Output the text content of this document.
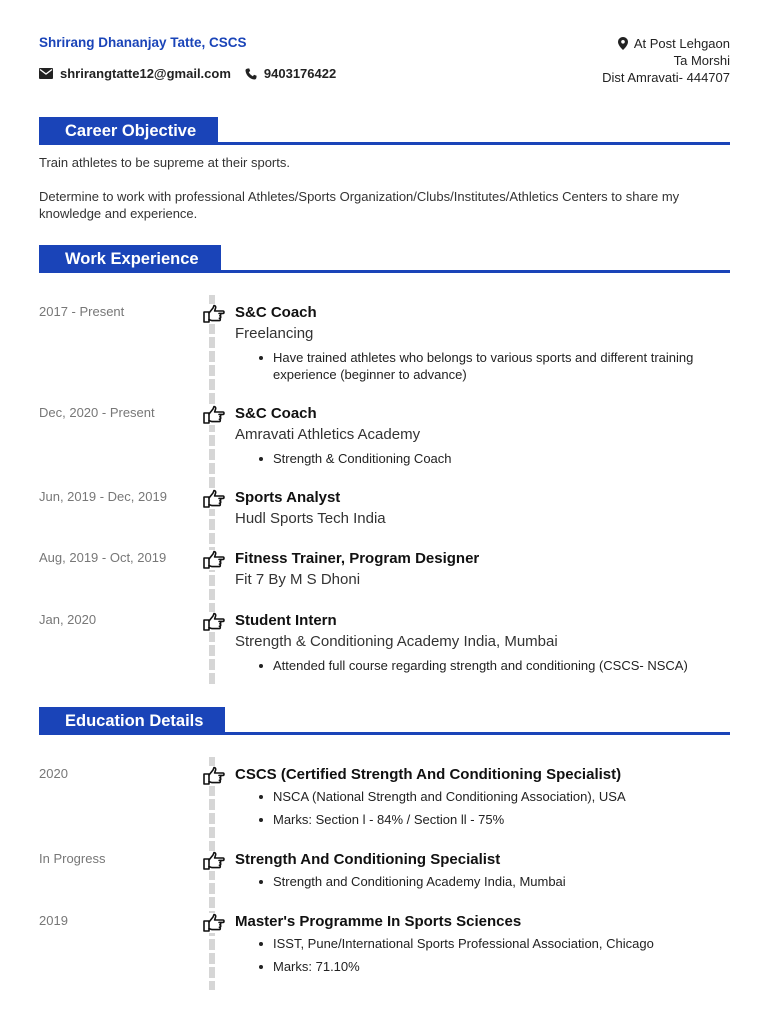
Shrirang Dhananjay Tatte, CSCS
shrirangtatte12@gmail.com	9403176422
At Post Lehgaon
Ta Morshi
Dist Amravati- 444707
Career Objective
Train athletes to be supreme at their sports.
Determine to work with professional Athletes/Sports Organization/Clubs/Institutes/Athletics Centers to share my knowledge and experience.
Work Experience
2017 - Present	S&C Coach
Freelancing
Have trained athletes who belongs to various sports and different training experience (beginner to advance)
Dec, 2020 - Present	S&C Coach
Amravati Athletics Academy
Strength & Conditioning Coach
Jun, 2019 - Dec, 2019	Sports Analyst
Hudl Sports Tech India
Aug, 2019 - Oct, 2019	Fitness Trainer, Program Designer
Fit 7 By M S Dhoni
Jan, 2020	Student Intern
Strength & Conditioning Academy India, Mumbai
Attended full course regarding strength and conditioning (CSCS- NSCA)
Education Details
2020	CSCS (Certified Strength And Conditioning Specialist)
NSCA (National Strength and Conditioning Association), USA
Marks: Section l - 84% / Section ll - 75%
In Progress	Strength And Conditioning Specialist
Strength and Conditioning Academy India, Mumbai
2019	Master's Programme In Sports Sciences
ISST, Pune/International Sports Professional Association, Chicago
Marks: 71.10%
